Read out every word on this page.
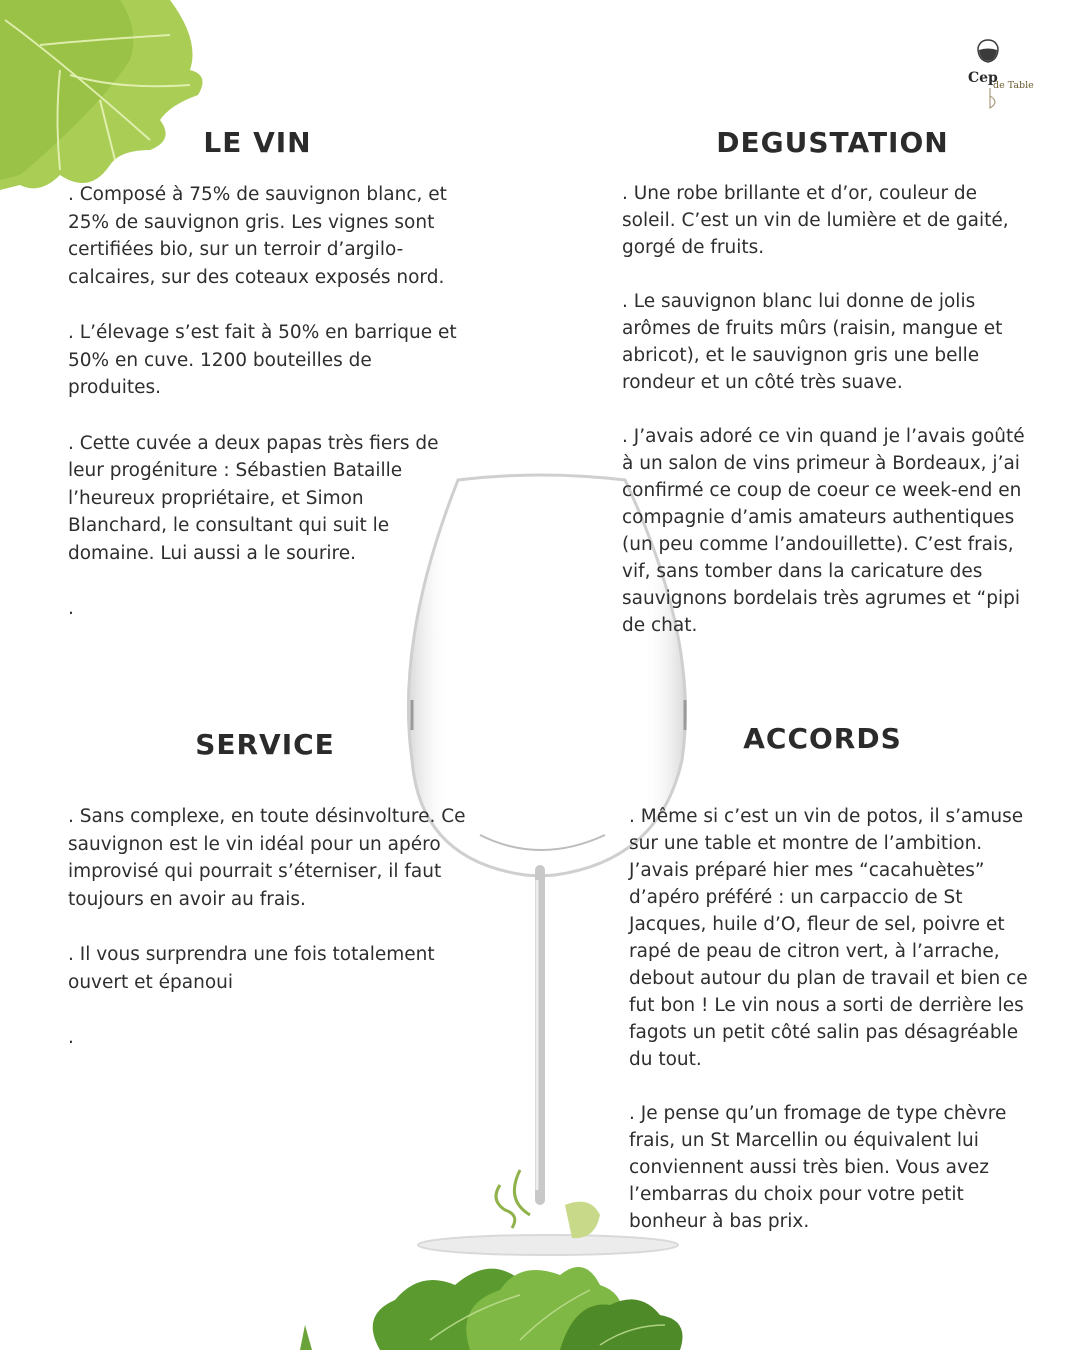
Cep
de Table
LE VIN

. Composé à 75% de sauvignon blanc, et 25% de sauvignon gris. Les vignes sont certifiées bio, sur un terroir d’argilo-calcaires, sur des coteaux exposés nord.

. L’élevage s’est fait à 50% en barrique et 50% en cuve. 1200 bouteilles de produites.

. Cette cuvée a deux papas très fiers de leur progéniture : Sébastien Bataille l’heureux propriétaire, et Simon Blanchard, le consultant qui suit le domaine. Lui aussi a le sourire.

.

DEGUSTATION

. Une robe brillante et d’or, couleur de soleil. C’est un vin de lumière et de gaité, gorgé de fruits.

. Le sauvignon blanc lui donne de jolis arômes de fruits mûrs (raisin, mangue et abricot), et le sauvignon gris une belle rondeur et un côté très suave.

. J’avais adoré ce vin quand je l’avais goûté à un salon de vins primeur à Bordeaux, j’ai confirmé ce coup de coeur ce week-end en compagnie d’amis amateurs authentiques (un peu comme l’andouillette). C’est frais, vif, sans tomber dans la caricature des sauvignons bordelais très agrumes et “pipi de chat.

SERVICE

. Sans complexe, en toute désinvolture. Ce sauvignon est le vin idéal pour un apéro improvisé qui pourrait s’éterniser, il faut toujours en avoir au frais.

. Il vous surprendra une fois totalement ouvert et épanoui

.

ACCORDS

. Même si c’est un vin de potos, il s’amuse sur une table et montre de l’ambition. J’avais préparé hier mes “cacahuètes” d’apéro préféré : un carpaccio de St Jacques, huile d’O, fleur de sel, poivre et rapé de peau de citron vert, à l’arrache, debout autour du plan de travail et bien ce fut bon ! Le vin nous a sorti de derrière les fagots un petit côté salin pas désagréable du tout.

. Je pense qu’un fromage de type chèvre frais, un St Marcellin ou équivalent lui conviennent aussi très bien. Vous avez l’embarras du choix pour votre petit bonheur à bas prix.
